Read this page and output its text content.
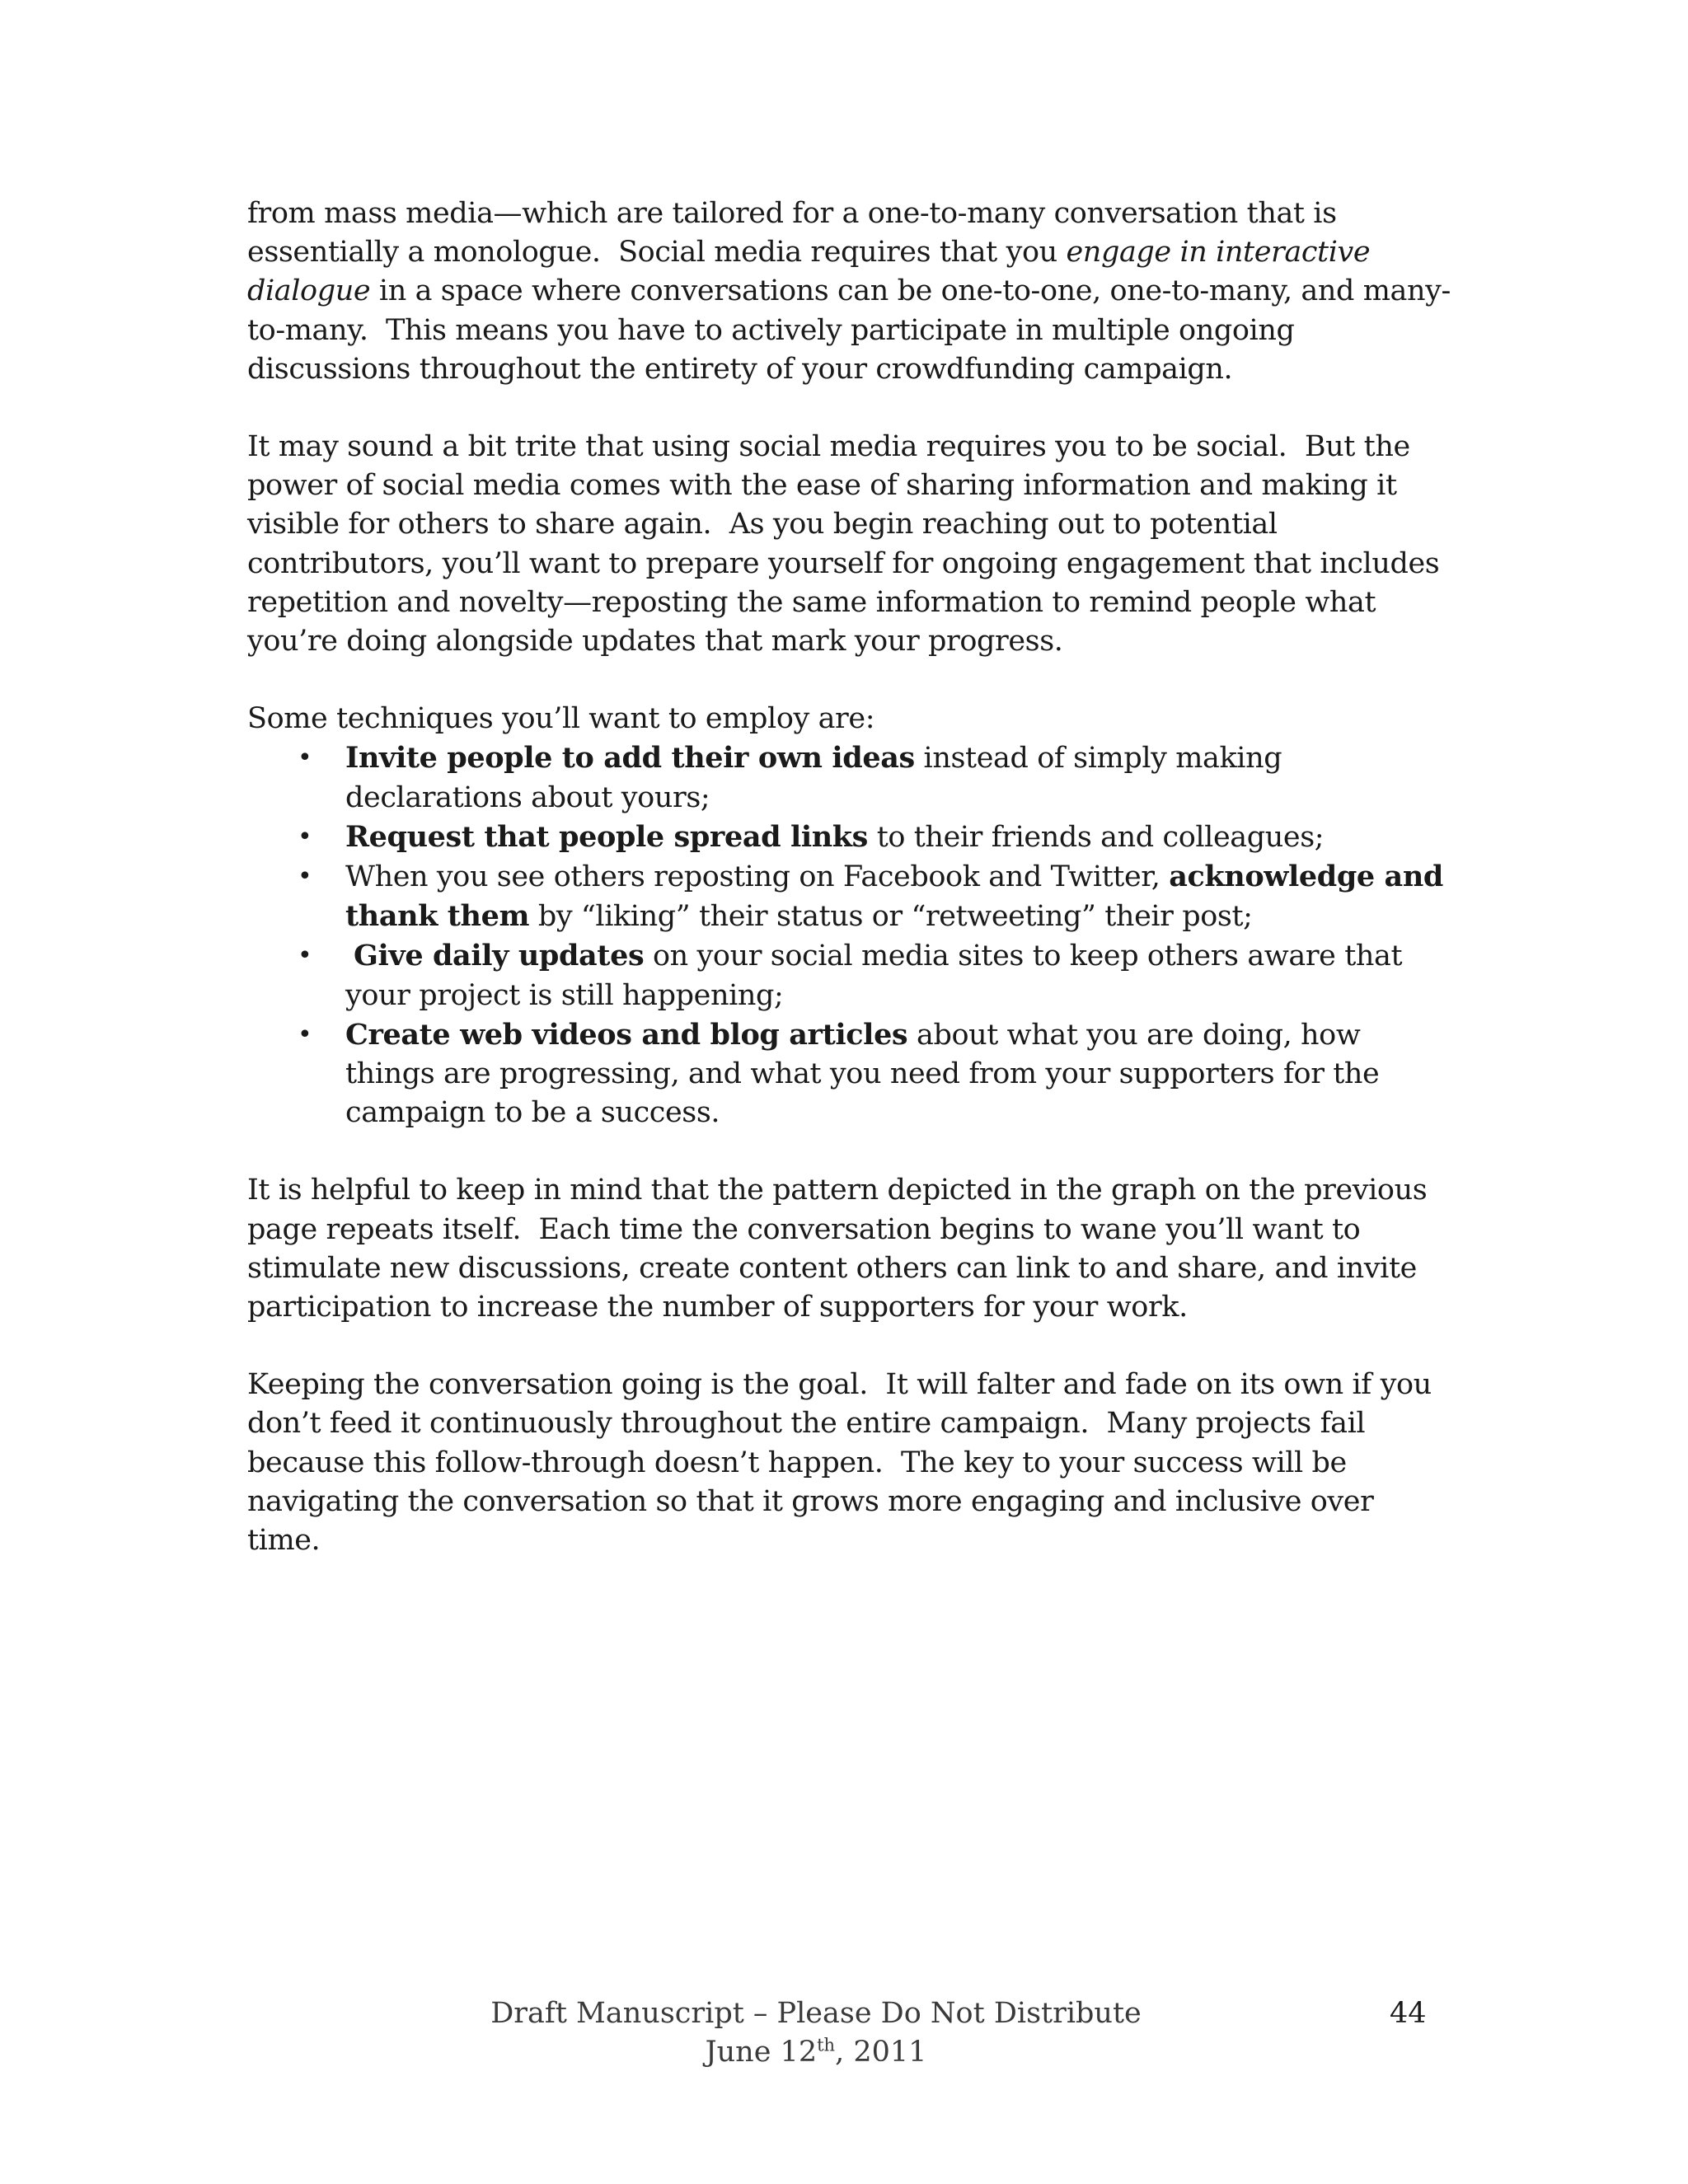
from mass media—which are tailored for a one-to-many conversation that is essentially a monologue.  Social media requires that you engage in interactive dialogue in a space where conversations can be one-to-one, one-to-many, and many-to-many.  This means you have to actively participate in multiple ongoing discussions throughout the entirety of your crowdfunding campaign.

It may sound a bit trite that using social media requires you to be social.  But the power of social media comes with the ease of sharing information and making it visible for others to share again.  As you begin reaching out to potential contributors, you’ll want to prepare yourself for ongoing engagement that includes repetition and novelty—reposting the same information to remind people what you’re doing alongside updates that mark your progress.

Some techniques you’ll want to employ are:

• Invite people to add their own ideas instead of simply making declarations about yours;
• Request that people spread links to their friends and colleagues;
• When you see others reposting on Facebook and Twitter, acknowledge and thank them by “liking” their status or “retweeting” their post;
• Give daily updates on your social media sites to keep others aware that your project is still happening;
• Create web videos and blog articles about what you are doing, how things are progressing, and what you need from your supporters for the campaign to be a success.

It is helpful to keep in mind that the pattern depicted in the graph on the previous page repeats itself.  Each time the conversation begins to wane you’ll want to stimulate new discussions, create content others can link to and share, and invite participation to increase the number of supporters for your work.

Keeping the conversation going is the goal.  It will falter and fade on its own if you don’t feed it continuously throughout the entire campaign.  Many projects fail because this follow-through doesn’t happen.  The key to your success will be navigating the conversation so that it grows more engaging and inclusive over time.

Draft Manuscript – Please Do Not Distribute
June 12th, 2011
44
